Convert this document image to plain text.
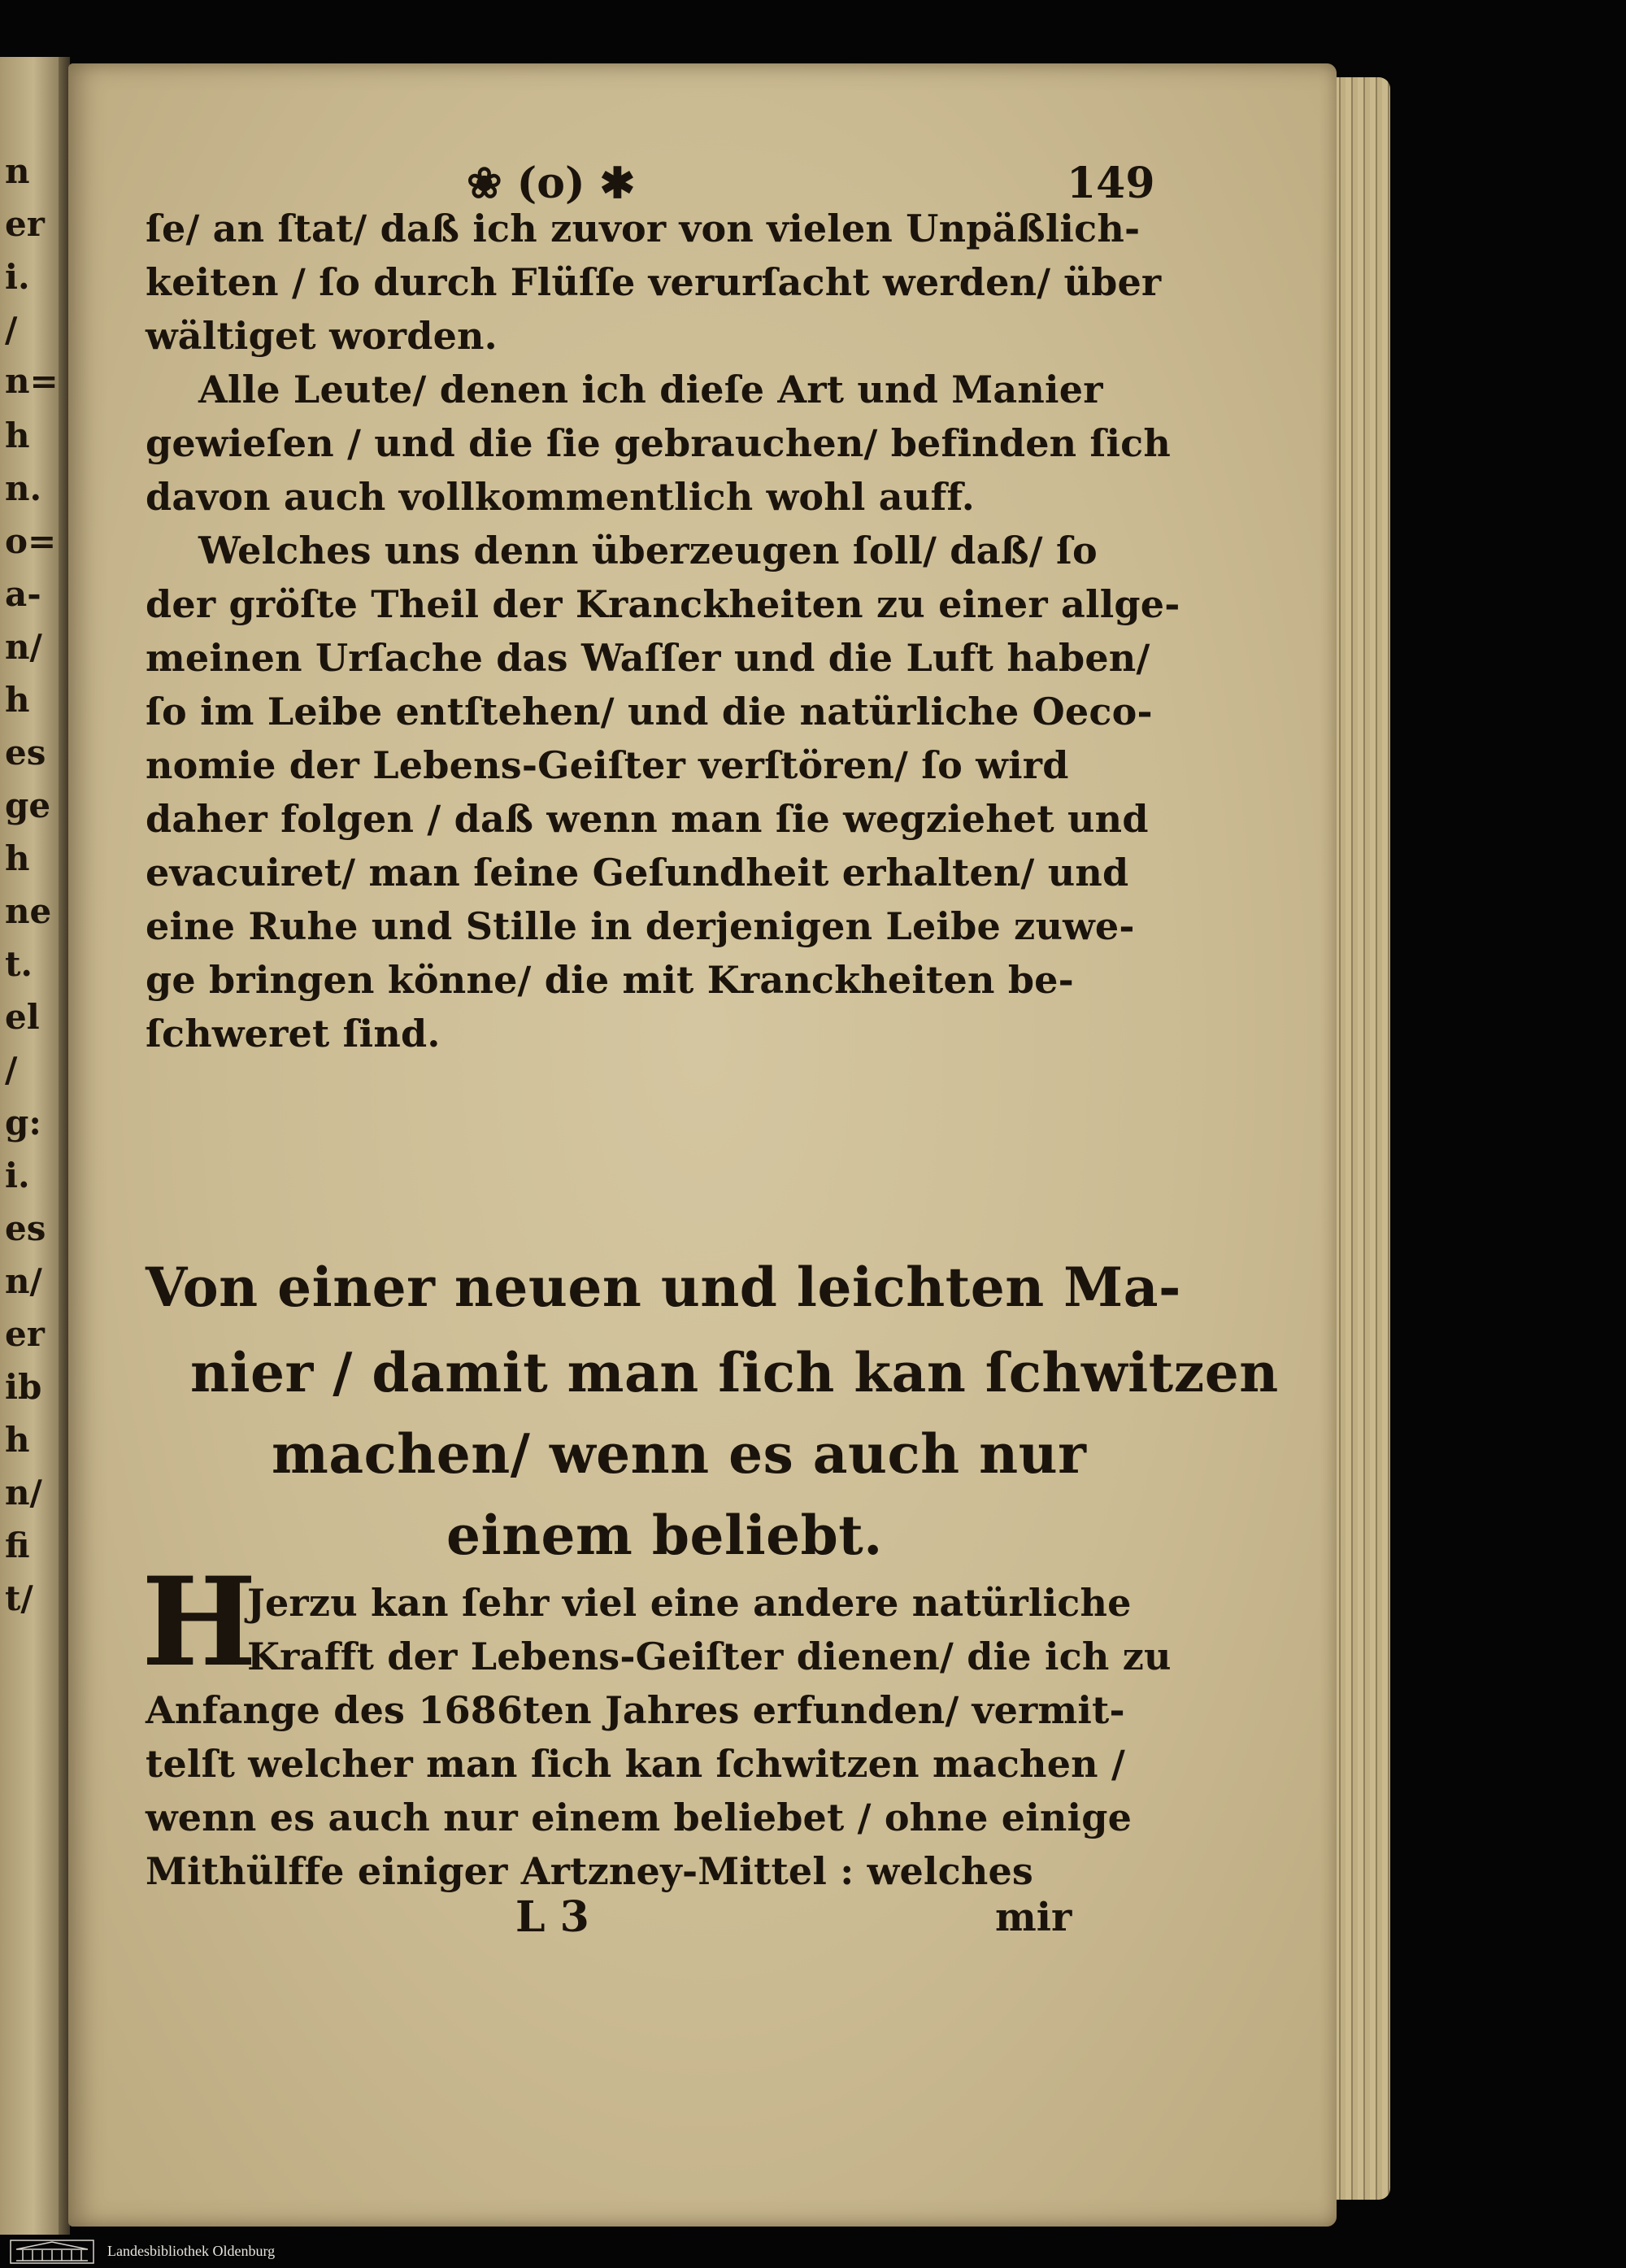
n
er
i.
/
n=
h
n.
o=
a-
n/
h
es
ge
h
ne
t.
el
/
g:
i.
es
n/
er
ib
h
n/
fi
t/
❀ (o) ✱	149
ſe/ an ſtat/ daß ich zuvor von vielen Unpäßlich-
keiten / ſo durch Flüſſe verurſacht werden/ über
wältiget worden.
Alle Leute/ denen ich dieſe Art und Manier
gewieſen / und die ſie gebrauchen/ befinden ſich
davon auch vollkommentlich wohl auff.
Welches uns denn überzeugen ſoll/ daß/ ſo
der gröſte Theil der Kranckheiten zu einer allge-
meinen Urſache das Waſſer und die Luft haben/
ſo im Leibe entſtehen/ und die natürliche Oeco-
nomie der Lebens-Geiſter verſtören/ ſo wird
daher folgen / daß wenn man ſie wegziehet und
evacuiret/ man ſeine Geſundheit erhalten/ und
eine Ruhe und Stille in derjenigen Leibe zuwe-
ge bringen könne/ die mit Kranckheiten be-
ſchweret ſind.
Von einer neuen und leichten Ma-
nier / damit man ſich kan ſchwitzen
machen/ wenn es auch nur
einem beliebt.
H
Jerzu kan ſehr viel eine andere natürliche
Krafft der Lebens-Geiſter dienen/ die ich zu
Anfange des 1686ten Jahres erfunden/ vermit-
telſt welcher man ſich kan ſchwitzen machen /
wenn es auch nur einem beliebet / ohne einige
Mithülffe einiger Artzney-Mittel : welches
L 3	mir
Landesbibliothek Oldenburg
